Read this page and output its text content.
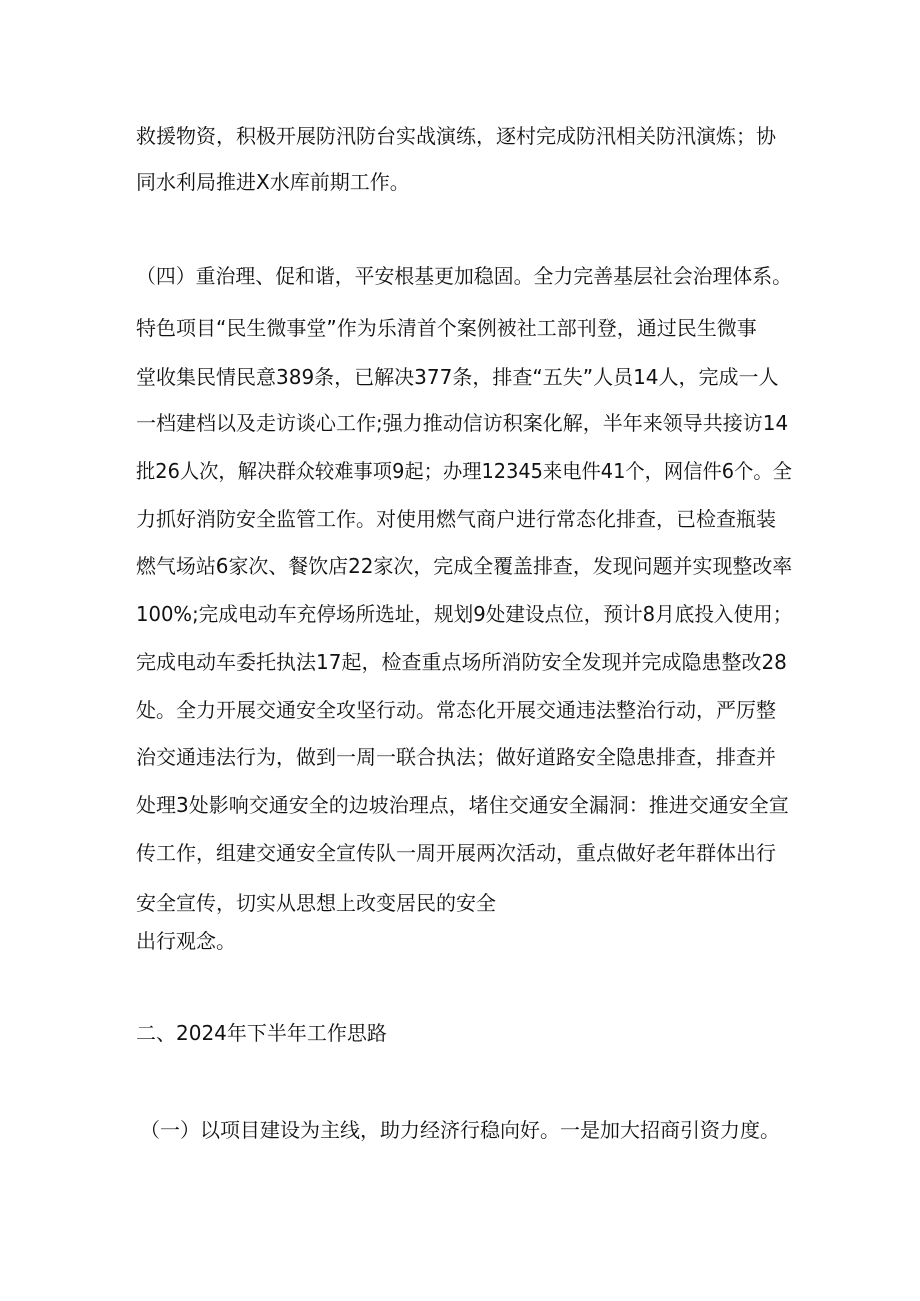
救援物资，积极开展防汛防台实战演练，逐村完成防汛相关防汛演炼；协
同水利局推进X水库前期工作。
（四）重治理、促和谐，平安根基更加稳固。全力完善基层社会治理体系。
特色项目“民生微事堂”作为乐清首个案例被社工部刊登，通过民生微事
堂收集民情民意389条，已解决377条，排查“五失”人员14人，完成一人
一档建档以及走访谈心工作;强力推动信访积案化解，半年来领导共接访14
批26人次，解决群众较难事项9起；办理12345来电件41个，网信件6个。全
力抓好消防安全监管工作。对使用燃气商户进行常态化排查，已检查瓶装
燃气场站6家次、餐饮店22家次，完成全覆盖排查，发现问题并实现整改率
100%;完成电动车充停场所选址，规划9处建设点位，预计8月底投入使用；
完成电动车委托执法17起，检查重点场所消防安全发现并完成隐患整改28
处。全力开展交通安全攻坚行动。常态化开展交通违法整治行动，严厉整
治交通违法行为，做到一周一联合执法；做好道路安全隐患排查，排查并
处理3处影响交通安全的边坡治理点，堵住交通安全漏洞：推进交通安全宣
传工作，组建交通安全宣传队一周开展两次活动，重点做好老年群体出行
安全宣传，切实从思想上改变居民的安全
出行观念。
二、2024年下半年工作思路
（一）以项目建设为主线，助力经济行稳向好。一是加大招商引资力度。
